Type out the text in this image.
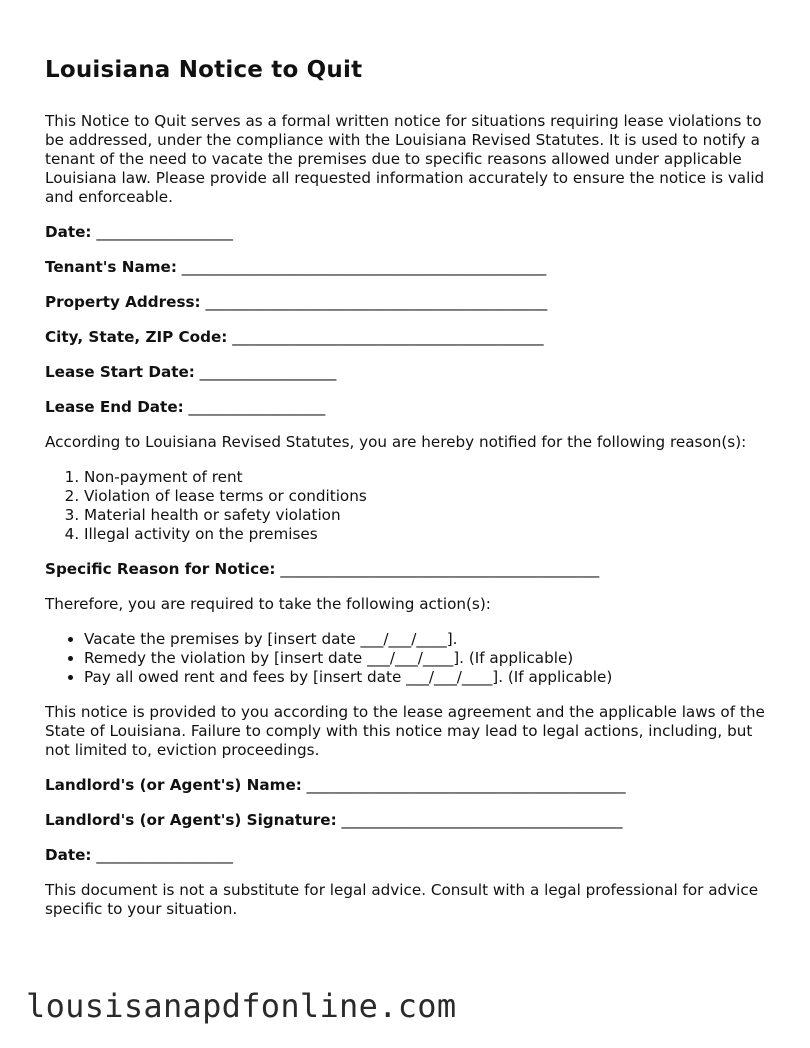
Louisiana Notice to Quit

This Notice to Quit serves as a formal written notice for situations requiring lease violations to be addressed, under the compliance with the Louisiana Revised Statutes. It is used to notify a tenant of the need to vacate the premises due to specific reasons allowed under applicable Louisiana law. Please provide all requested information accurately to ensure the notice is valid and enforceable.

Date: __________________
Tenant's Name: ________________________________________________
Property Address: _____________________________________________
City, State, ZIP Code: _________________________________________
Lease Start Date: __________________
Lease End Date: __________________

According to Louisiana Revised Statutes, you are hereby notified for the following reason(s):

1. Non-payment of rent
2. Violation of lease terms or conditions
3. Material health or safety violation
4. Illegal activity on the premises
Specific Reason for Notice: __________________________________________

Therefore, you are required to take the following action(s):

• Vacate the premises by [insert date ___/___/____].
• Remedy the violation by [insert date ___/___/____]. (If applicable)
• Pay all owed rent and fees by [insert date ___/___/____]. (If applicable)

This notice is provided to you according to the lease agreement and the applicable laws of the State of Louisiana. Failure to comply with this notice may lead to legal actions, including, but not limited to, eviction proceedings.

Landlord's (or Agent's) Name: __________________________________________
Landlord's (or Agent's) Signature: _____________________________________
Date: __________________

This document is not a substitute for legal advice. Consult with a legal professional for advice specific to your situation.

lousisanapdfonline.com
